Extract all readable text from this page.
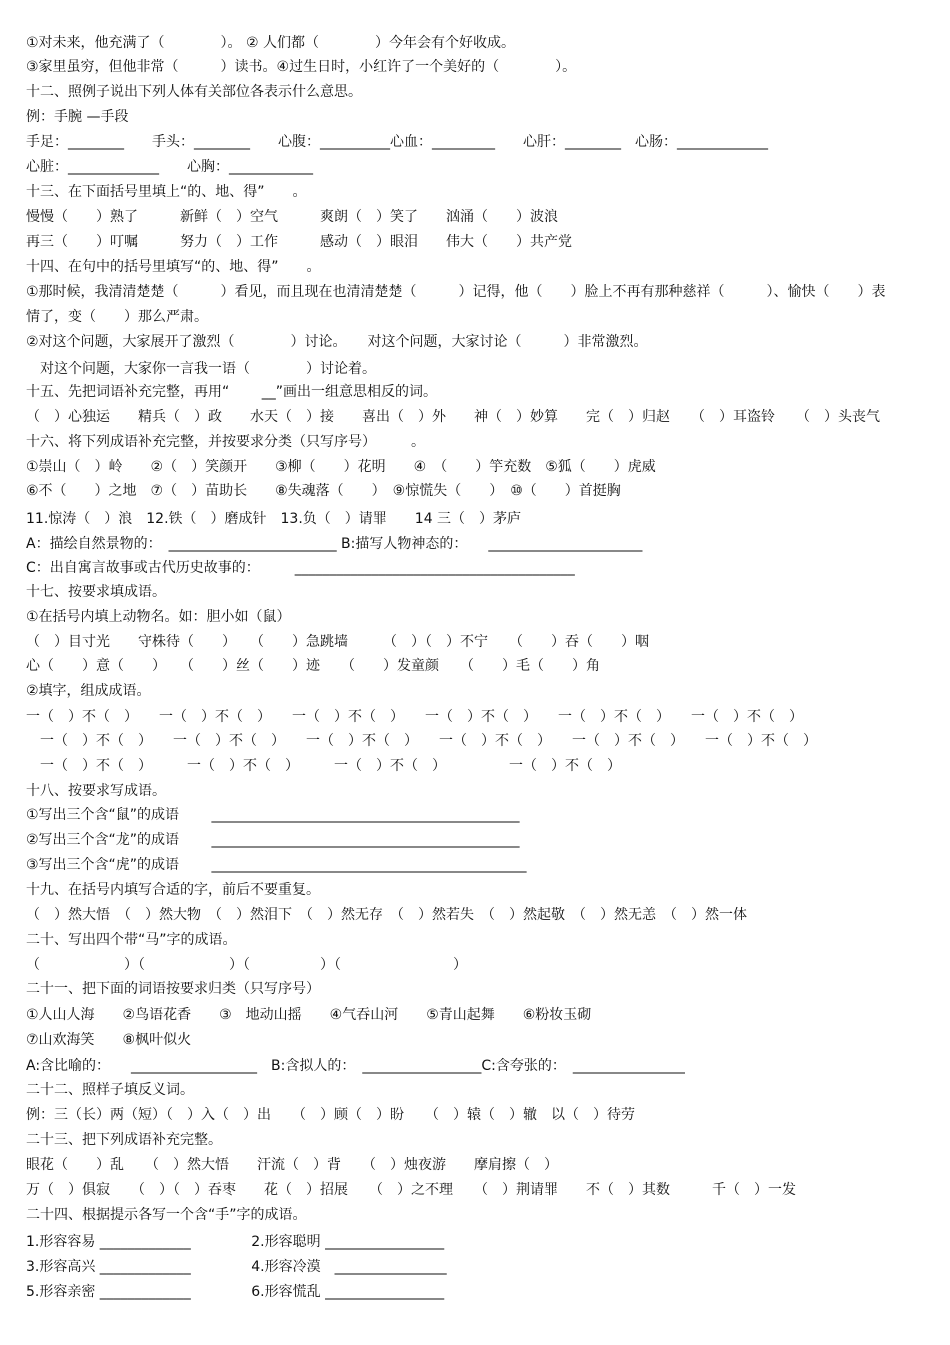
①对未来，他充满了（　　　　）。 ② 人们都（　　　　）今年会有个好收成。
③家里虽穷，但他非常（　　　）读书。④过生日时，小红许了一个美好的（　　　　）。
十二、照例子说出下列人体有关部位各表示什么意思。
例：手腕 —手段
手足：________　　手头：________　　心腹：__________心血：_________　　心肝：________　心肠：_____________
心脏：_____________　　心胸：____________
十三、在下面括号里填上“的、地、得”　　。
慢慢（　　）熟了　　　新鲜（　）空气　　　爽朗（　）笑了　　汹涌（　　）波浪
再三（　　）叮嘱　　　努力（　）工作　　　感动（　）眼泪　　伟大（　　）共产党
十四、在句中的括号里填写“的、地、得”　　。
①那时候，我清清楚楚（　　　）看见，而且现在也清清楚楚（　　　）记得，他（　　）脸上不再有那种慈祥（　　　）、愉快（　　）表
情了，变（　　）那么严肃。
②对这个问题，大家展开了激烈（　　　　）讨论。　　对这个问题，大家讨论（　　　）非常激烈。
　对这个问题，大家你一言我一语（　　　　）讨论着。
十五、先把词语补充完整，再用“　　 __”画出一组意思相反的词。
（　）心独运　　精兵（　）政　　水天（　）接　　喜出（　）外　　神（　）妙算　　完（　）归赵　　（　）耳盗铃　　（　）头丧气
十六、将下列成语补充完整，并按要求分类（只写序号）　　　。
①崇山（　）岭　　②（　）笑颜开　　③柳（　　）花明　　④　（　　）竽充数　⑤狐（　　）虎威
⑥不（　　）之地　⑦（　）苗助长　　⑧失魂落（　　）　⑨惊慌失（　　）　⑩（　　）首挺胸
11.惊涛（　）浪　12.铁（　）磨成针　13.负（　）请罪　　14 三（　）茅庐
A：描绘自然景物的：　________________________ B:描写人物神态的：　　______________________
C：出自寓言故事或古代历史故事的：　　　________________________________________
十七、按要求填成语。
①在括号内填上动物名。如：胆小如（鼠）
（　）目寸光　　守株待（　　）　　（　　）急跳墙　　　（　）（　）不宁　　（　　）吞（　　）咽
心（　　）意（　　）　　（　　）丝（　　）迹　　（　　）发童颜　　（　　）毛（　　）角
②填字，组成成语。
一（　）不（　）　　一（　）不（　）　　一（　）不（　）　　一（　）不（　）　　一（　）不（　）　　一（　）不（　）
　一（　）不（　）　　一（　）不（　）　　一（　）不（　）　　一（　）不（　）　　一（　）不（　）　　一（　）不（　）
　一（　）不（　）　　　一（　）不（　）　　　一（　）不（　）　　　　　一（　）不（　）
十八、按要求写成语。
①写出三个含“鼠”的成语　　 ____________________________________________
②写出三个含“龙”的成语　　 ____________________________________________
③写出三个含“虎”的成语　　 _____________________________________________
十九、在括号内填写合适的字，前后不要重复。
（　）然大悟　（　）然大物　（　）然泪下　（　）然无存　（　）然若失　（　）然起敬　（　）然无恙　（　）然一体
二十、写出四个带“马”字的成语。
（　　　　　　）（　　　　　　）（　　　　　）（　　　　　　　　）
二十一、把下面的词语按要求归类（只写序号）
①人山人海　　②鸟语花香　　③　地动山摇　　④气吞山河　　⑤青山起舞　　⑥粉妆玉砌
⑦山欢海笑　　⑧枫叶似火
A:含比喻的：　　__________________　B:含拟人的：　_________________C:含夸张的：　________________
二十二、照样子填反义词。
例：三（长）两（短）（　）入（　）出　　（　）顾（　）盼　　（　）辕（　）辙　以（　）待劳
二十三、把下列成语补充完整。
眼花（　　）乱　　（　）然大悟　　汗流（　）背　　（　）烛夜游　　摩肩擦（　）
万（　）俱寂　　（　）（　）吞枣　　花（　）招展　　（　）之不理　　（　）荆请罪　　不（　）其数　　　千（　）一发
二十四、根据提示各写一个含“手”字的成语。
1.形容容易 _____________　　　　 2.形容聪明 _________________
3.形容高兴 _____________　　　　 4.形容冷漠　________________
5.形容亲密 _____________　　　　 6.形容慌乱 _________________
